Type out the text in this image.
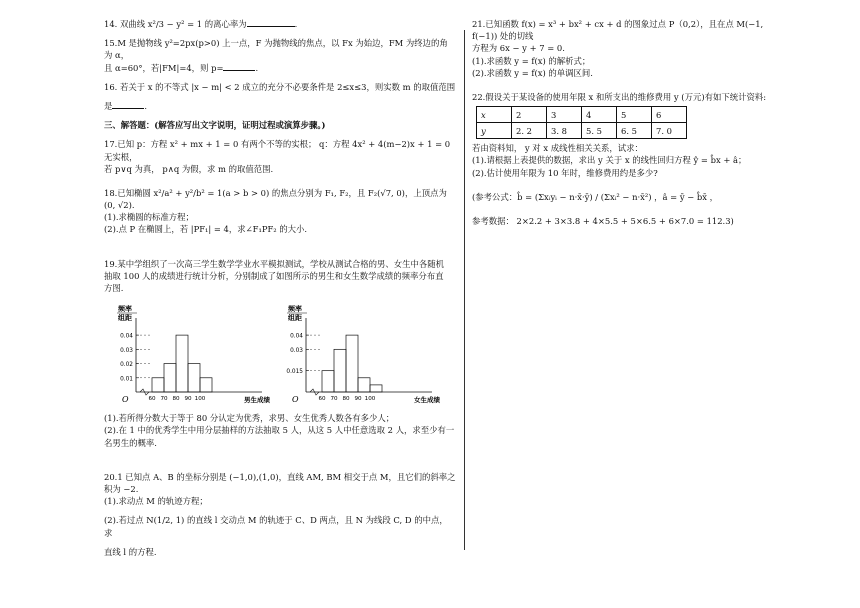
14. 双曲线 x²/3 − y² = 1 的离心率为	.

15.M 是抛物线 y²=2px(p>0) 上一点，F 为抛物线的焦点，以 Fx 为始边，FM 为终边的角为 α，

且 α=60°，若|FM|=4，则 p=	.

16. 若关于 x 的不等式 |x − m| < 2 成立的充分不必要条件是 2≤x≤3，则实数 m 的取值范围

是	.

三、解答题：(解答应写出文字说明，证明过程或演算步骤。)

17.已知 p：方程 x² + mx + 1 = 0 有两个不等的实根； q：方程 4x² + 4(m−2)x + 1 = 0 无实根，

若 p∨q 为真， p∧q 为假，求 m 的取值范围.

18.已知椭圆 x²/a² + y²/b² = 1(a > b > 0) 的焦点分别为 F₁, F₂，且 F₂(√7, 0)，上顶点为 (0, √2).

(1).求椭圆的标准方程；

(2).点 P 在椭圆上，若 |PF₁| = 4，求∠F₁PF₂ 的大小.

19.某中学组织了一次高三学生数学学业水平模拟测试，学校从测试合格的男、女生中各随机

抽取 100 人的成绩进行统计分析，分别制成了如图所示的男生和女生数学成绩的频率分布直

方图.

频率
组距
O
0.04
0.03
0.02
0.01
60 70 80 90 100	男生成绩
频率
组距
O
0.04
0.03
0.015
60 70 80 90 100	女生成绩

(1).若所得分数大于等于 80 分认定为优秀，求男、女生优秀人数各有多少人；

(2).在 1 中的优秀学生中用分层抽样的方法抽取 5 人，从这 5 人中任意选取 2 人，求至少有一

名男生的概率.

20.1 已知点 A、B 的坐标分别是 (−1,0),(1,0)，直线 AM, BM 相交于点 M，且它们的斜率之

积为 −2.

(1).求动点 M 的轨迹方程；

(2).若过点 N(1/2, 1) 的直线 l 交动点 M 的轨迹于 C、D 两点，且 N 为线段 C, D 的中点，求

直线 l 的方程.

21.已知函数 f(x) = x³ + bx² + cx + d 的图象过点 P（0,2），且在点 M(−1, f(−1)) 处的切线

方程为 6x − y + 7 = 0.

(1).求函数 y = f(x) 的解析式；

(2).求函数 y = f(x) 的单调区间.

22.假设关于某设备的使用年限 x 和所支出的维修费用 y (万元)有如下统计资料:

x	2	3	4	5	6
y	2. 2	3. 8	5. 5	6. 5	7. 0

若由资料知， y 对 x 成线性相关关系，试求：

(1).请根据上表提供的数据，求出 y 关于 x 的线性回归方程 ŷ = b̂x + â；

(2).估计使用年限为 10 年时，维修费用约是多少?

(参考公式：b̂ = (Σxᵢyᵢ − n·x̄·ȳ) / (Σxᵢ² − n·x̄²) ，â = ȳ − b̂x̄ ，

参考数据： 2×2.2 + 3×3.8 + 4×5.5 + 5×6.5 + 6×7.0 = 112.3)
